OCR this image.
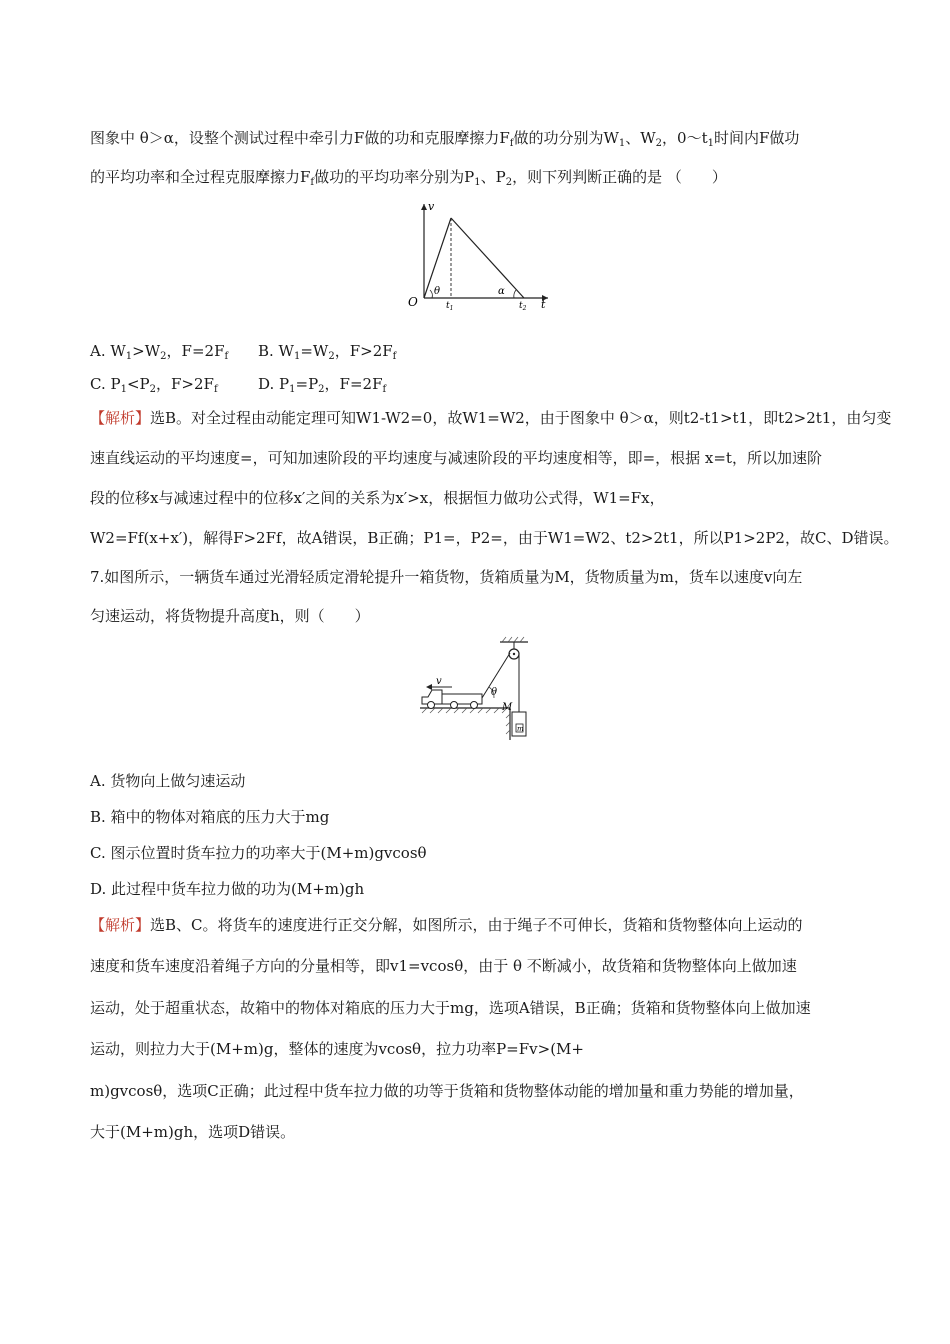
图象中 θ＞α，设整个测试过程中牵引力F做的功和克服摩擦力$F_f$做的功分别为$W_1$、$W_2$，$0\sim t_1$时间内F做功
的平均功率和全过程克服摩擦力$F_f$做功的平均功率分别为$P_1$、$P_2$，则下列判断正确的是 （　　）
v
O
θ	α
$t_1$	$t_2$ t
A. $W_1>W_2$，$F=2F_f$ B. $W_1=W_2$，$F>2F_f$
C. $P_1<P_2$，$F>2F_f$	D. $P_1=P_2$，$F=2F_f$
【解析】选B。对全过程由动能定理可知W1-W2=0，故W1=W2，由于图象中 θ＞α，则t2-t1>t1，即t2>2t1，由匀变
速直线运动的平均速度=，可知加速阶段的平均速度与减速阶段的平均速度相等，即=，根据 x=t，所以加速阶
段的位移x与减速过程中的位移x′之间的关系为x′>x，根据恒力做功公式得，W1=Fx，
W2=Ff(x+x′)，解得F>2Ff，故A错误，B正确；P1=，P2=，由于W1=W2、t2>2t1，所以P1>2P2，故C、D错误。
7.如图所示，一辆货车通过光滑轻质定滑轮提升一箱货物，货箱质量为M，货物质量为m，货车以速度v向左
匀速运动，将货物提升高度h，则（　　）
v
θ
M
m
A. 货物向上做匀速运动
B. 箱中的物体对箱底的压力大于mg
C. 图示位置时货车拉力的功率大于(M+m)gvcosθ
D. 此过程中货车拉力做的功为(M+m)gh
【解析】选B、C。将货车的速度进行正交分解，如图所示，由于绳子不可伸长，货箱和货物整体向上运动的
速度和货车速度沿着绳子方向的分量相等，即v1=vcosθ，由于 θ 不断减小，故货箱和货物整体向上做加速
运动，处于超重状态，故箱中的物体对箱底的压力大于mg，选项A错误，B正确；货箱和货物整体向上做加速
运动，则拉力大于(M+m)g，整体的速度为vcosθ，拉力功率P=Fv>(M+
m)gvcosθ，选项C正确；此过程中货车拉力做的功等于货箱和货物整体动能的增加量和重力势能的增加量，
大于(M+m)gh，选项D错误。
